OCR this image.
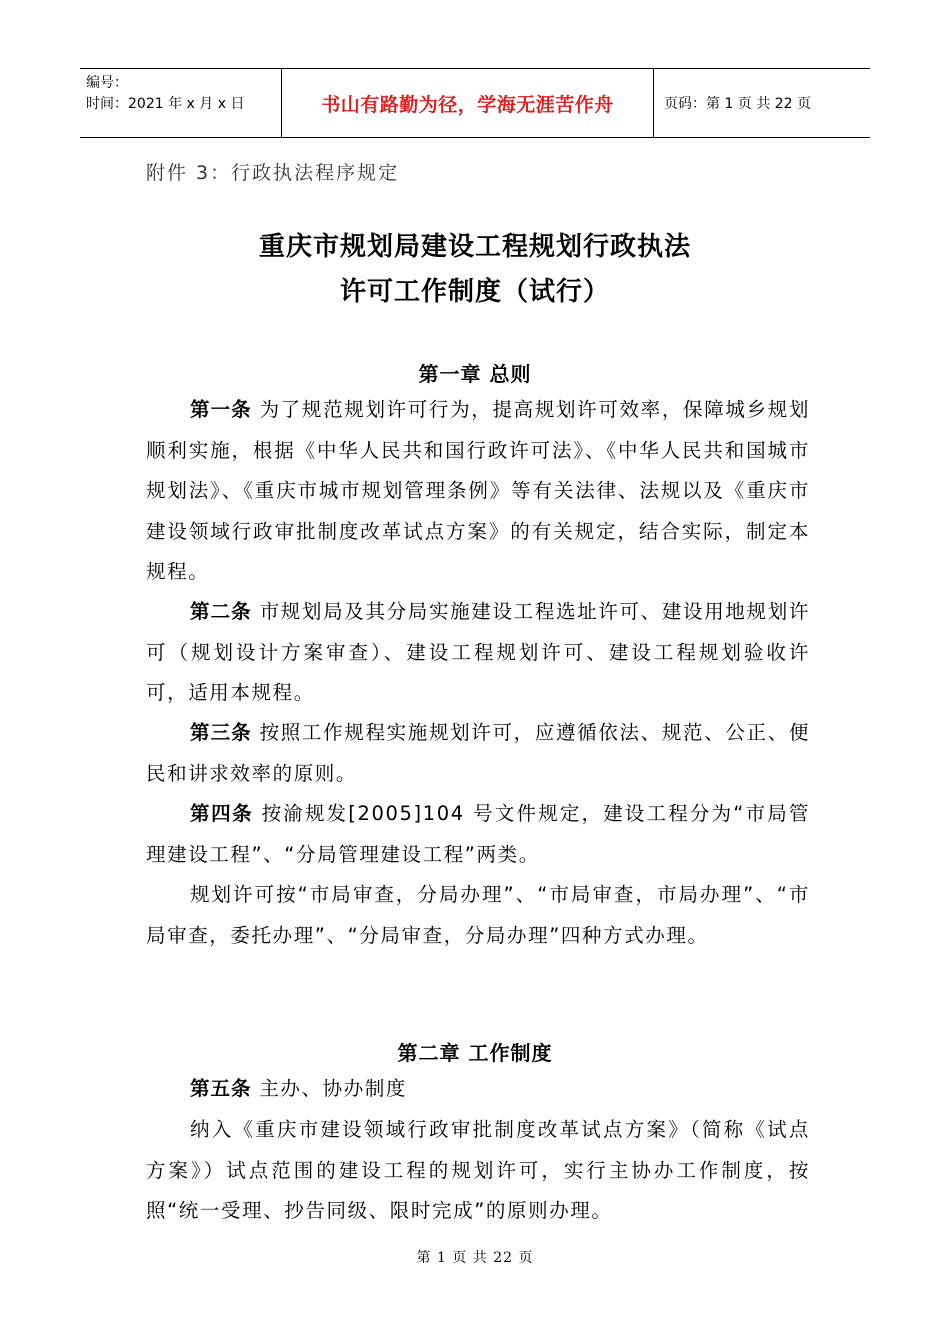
编号：
时间：2021 年 x 月 x 日	书山有路勤为径，学海无涯苦作舟	页码：第 1 页 共 22 页
附件 3：行政执法程序规定
重庆市规划局建设工程规划行政执法
许可工作制度（试行）
第一章 总则
第一条 为了规范规划许可行为，提高规划许可效率，保障城乡规划顺利实施，根据《中华人民共和国行政许可法》、《中华人民共和国城市规划法》、《重庆市城市规划管理条例》等有关法律、法规以及《重庆市建设领域行政审批制度改革试点方案》的有关规定，结合实际，制定本规程。
第二条 市规划局及其分局实施建设工程选址许可、建设用地规划许可（规划设计方案审查）、建设工程规划许可、建设工程规划验收许可，适用本规程。
第三条 按照工作规程实施规划许可，应遵循依法、规范、公正、便民和讲求效率的原则。
第四条 按渝规发[2005]104 号文件规定，建设工程分为“市局管理建设工程”、“分局管理建设工程”两类。
规划许可按“市局审查，分局办理”、“市局审查，市局办理”、“市局审查，委托办理”、“分局审查，分局办理”四种方式办理。
第二章 工作制度
第五条 主办、协办制度
纳入《重庆市建设领域行政审批制度改革试点方案》（简称《试点方案》）试点范围的建设工程的规划许可，实行主协办工作制度，按照“统一受理、抄告同级、限时完成”的原则办理。
第 1 页 共 22 页
